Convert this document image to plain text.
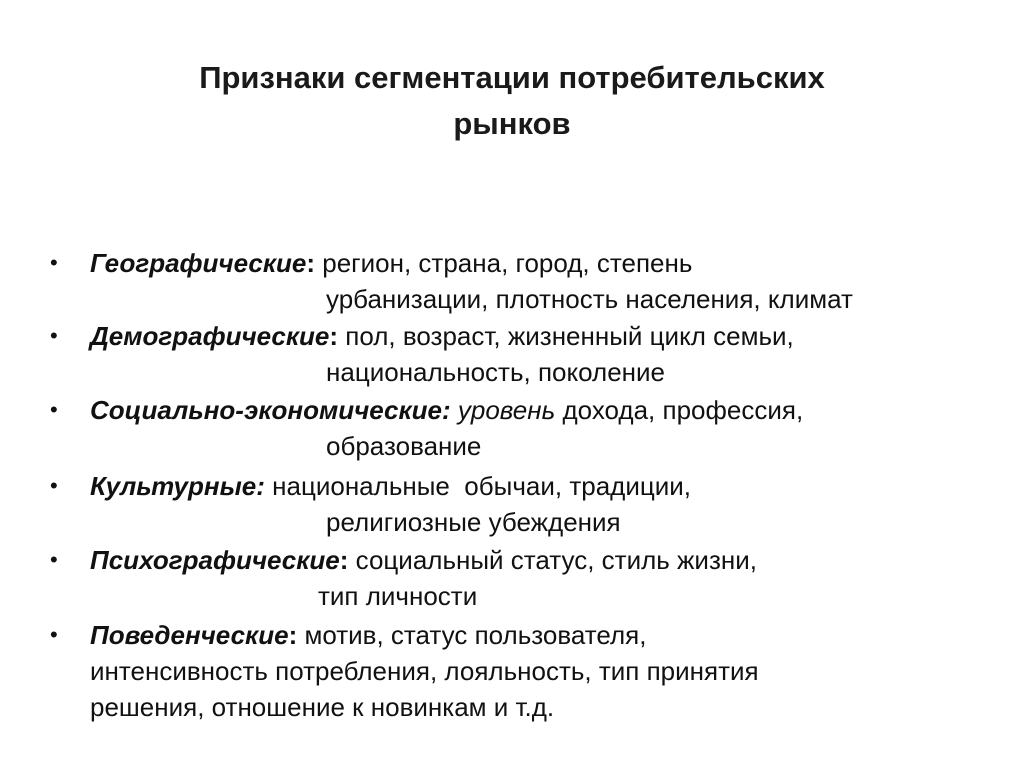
Признаки сегментации потребительских
рынков
• Географические: регион, страна, город, степень
урбанизации, плотность населения, климат
• Демографические: пол, возраст, жизненный цикл семьи,
национальность, поколение
• Социально-экономические: уровень дохода, профессия,
образование
• Культурные: национальные  обычаи, традиции,
религиозные убеждения
• Психографические: социальный статус, стиль жизни,
тип личности
• Поведенческие: мотив, статус пользователя,
интенсивность потребления, лояльность, тип принятия
решения, отношение к новинкам и т.д.
